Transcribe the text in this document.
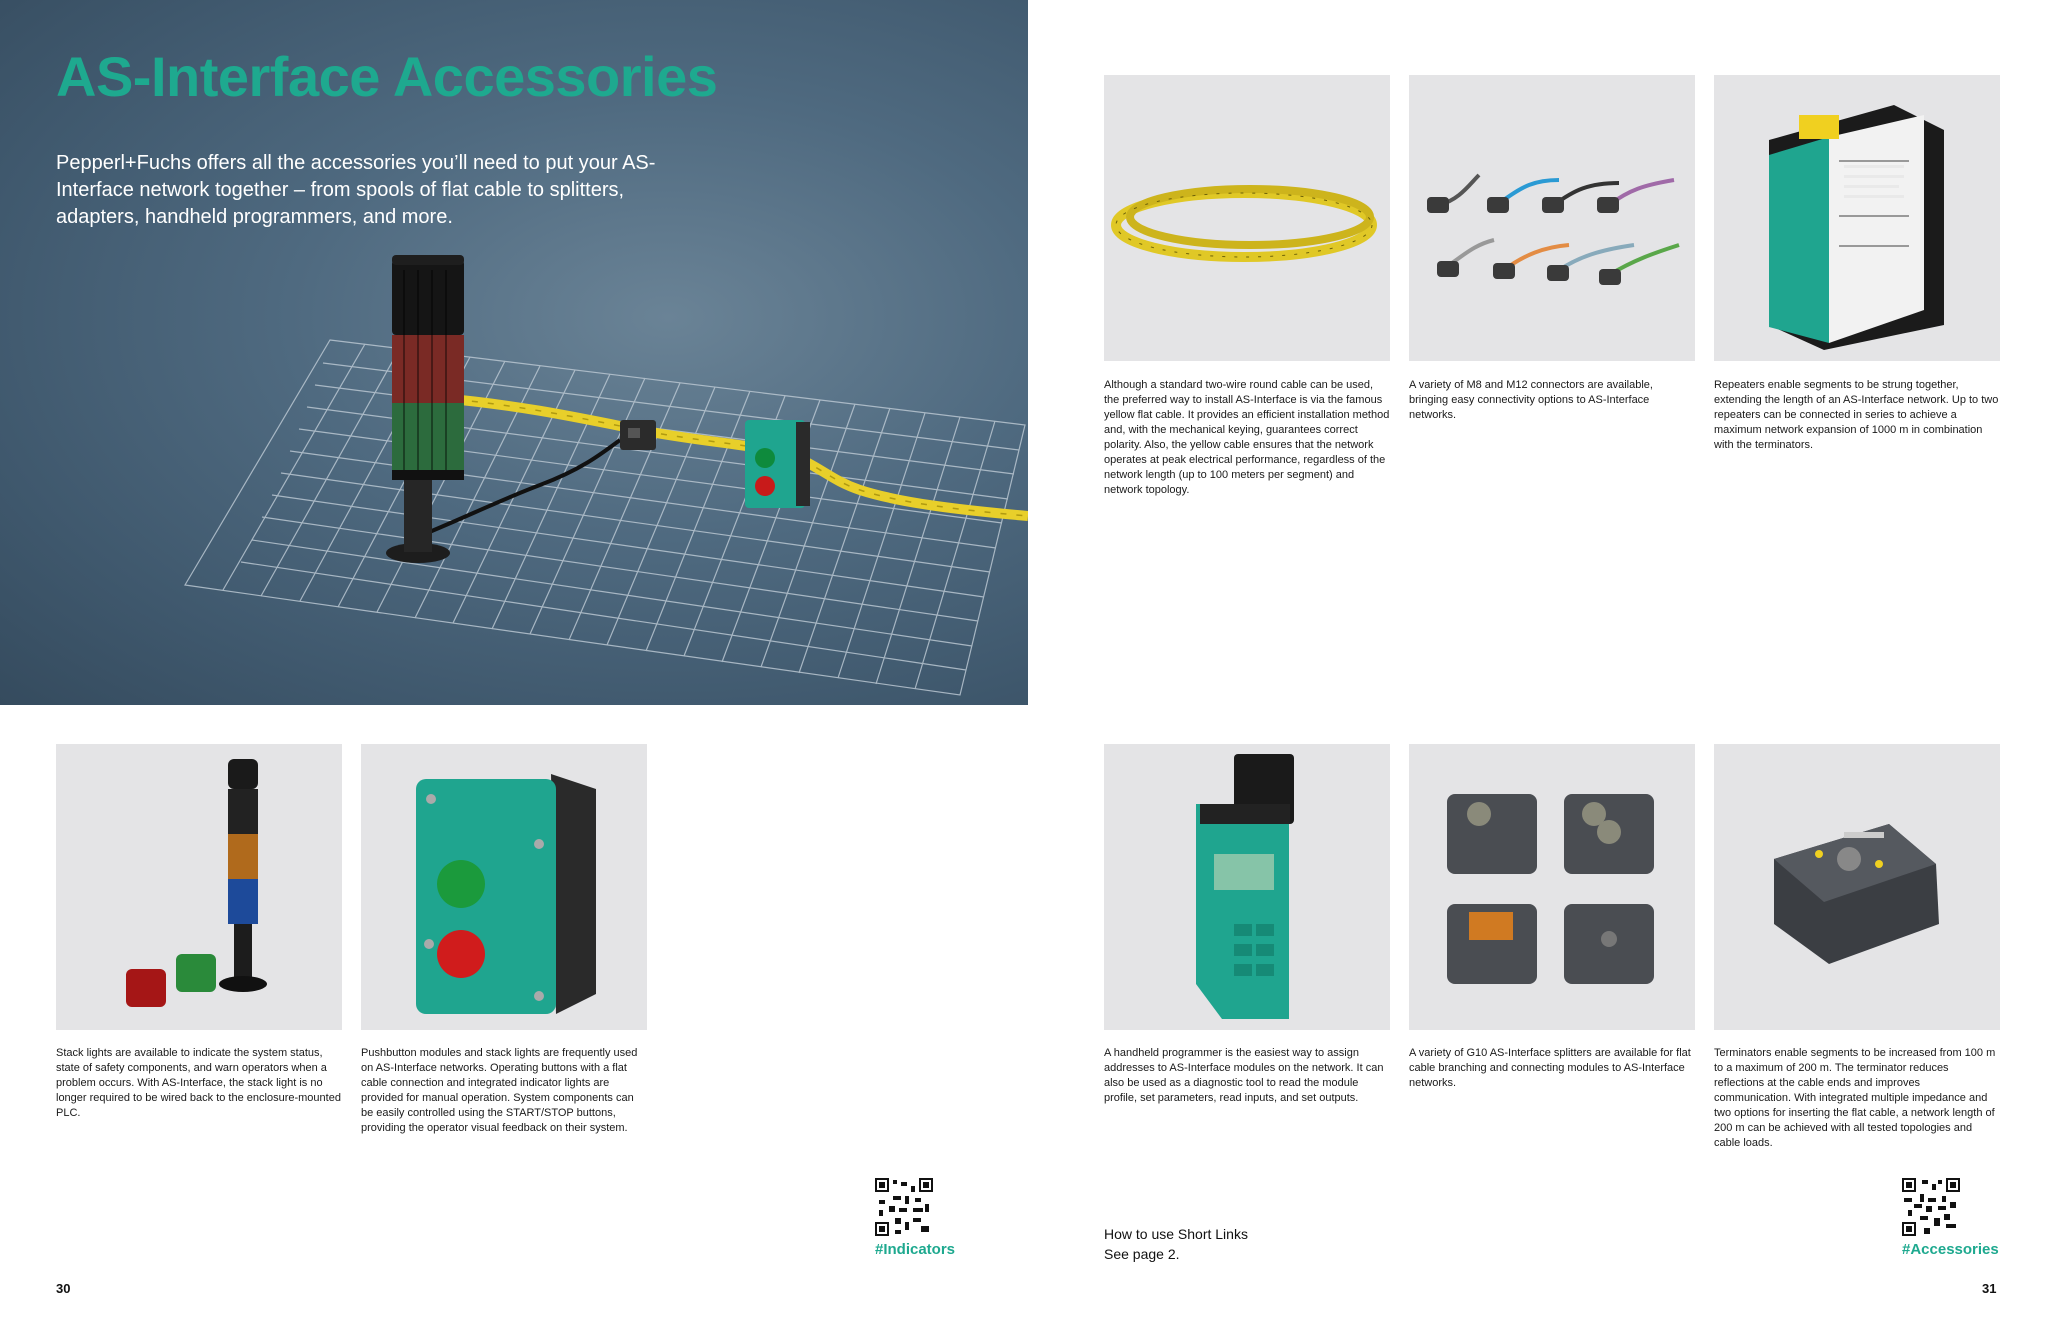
AS-Interface Accessories
Pepperl+Fuchs offers all the accessories you’ll need to put your AS-Interface network together – from spools of flat cable to splitters, adapters, handheld programmers, and more.
Although a standard two-wire round cable can be used, the preferred way to install AS-Interface is via the famous yellow flat cable. It provides an efficient installation method and, with the mechanical keying, guarantees correct polarity. Also, the yellow cable ensures that the network operates at peak electrical performance, regardless of the network length (up to 100 meters per segment) and network topology.
A variety of M8 and M12 connectors are available, bringing easy connectivity options to AS-Interface networks.
Repeaters enable segments to be strung together, extending the length of an AS-Interface network. Up to two repeaters can be connected in series to achieve a maximum network expansion of 1000 m in combination with the terminators.
Stack lights are available to indicate the system status, state of safety components, and warn operators when a problem occurs. With AS-Interface, the stack light is no longer required to be wired back to the enclosure-mounted PLC.
Pushbutton modules and stack lights are frequently used on AS-Interface networks. Operating buttons with a flat cable connection and integrated indicator lights are provided for manual operation. System components can be easily controlled using the START/STOP buttons, providing the operator visual feedback on their system.
A handheld programmer is the easiest way to assign addresses to AS-Interface modules on the network. It can also be used as a diagnostic tool to read the module profile, set parameters, read inputs, and set outputs.
A variety of G10 AS-Interface splitters are available for flat cable branching and connecting modules to AS-Interface networks.
Terminators enable segments to be increased from 100 m to a maximum of 200 m. The terminator reduces reflections at the cable ends and improves communication. With integrated multiple impedance and two options for inserting the flat cable, a network length of 200 m can be achieved with all tested topologies and cable loads.
#Indicators	#Accessories
How to use Short Links
See page 2.
30	31
